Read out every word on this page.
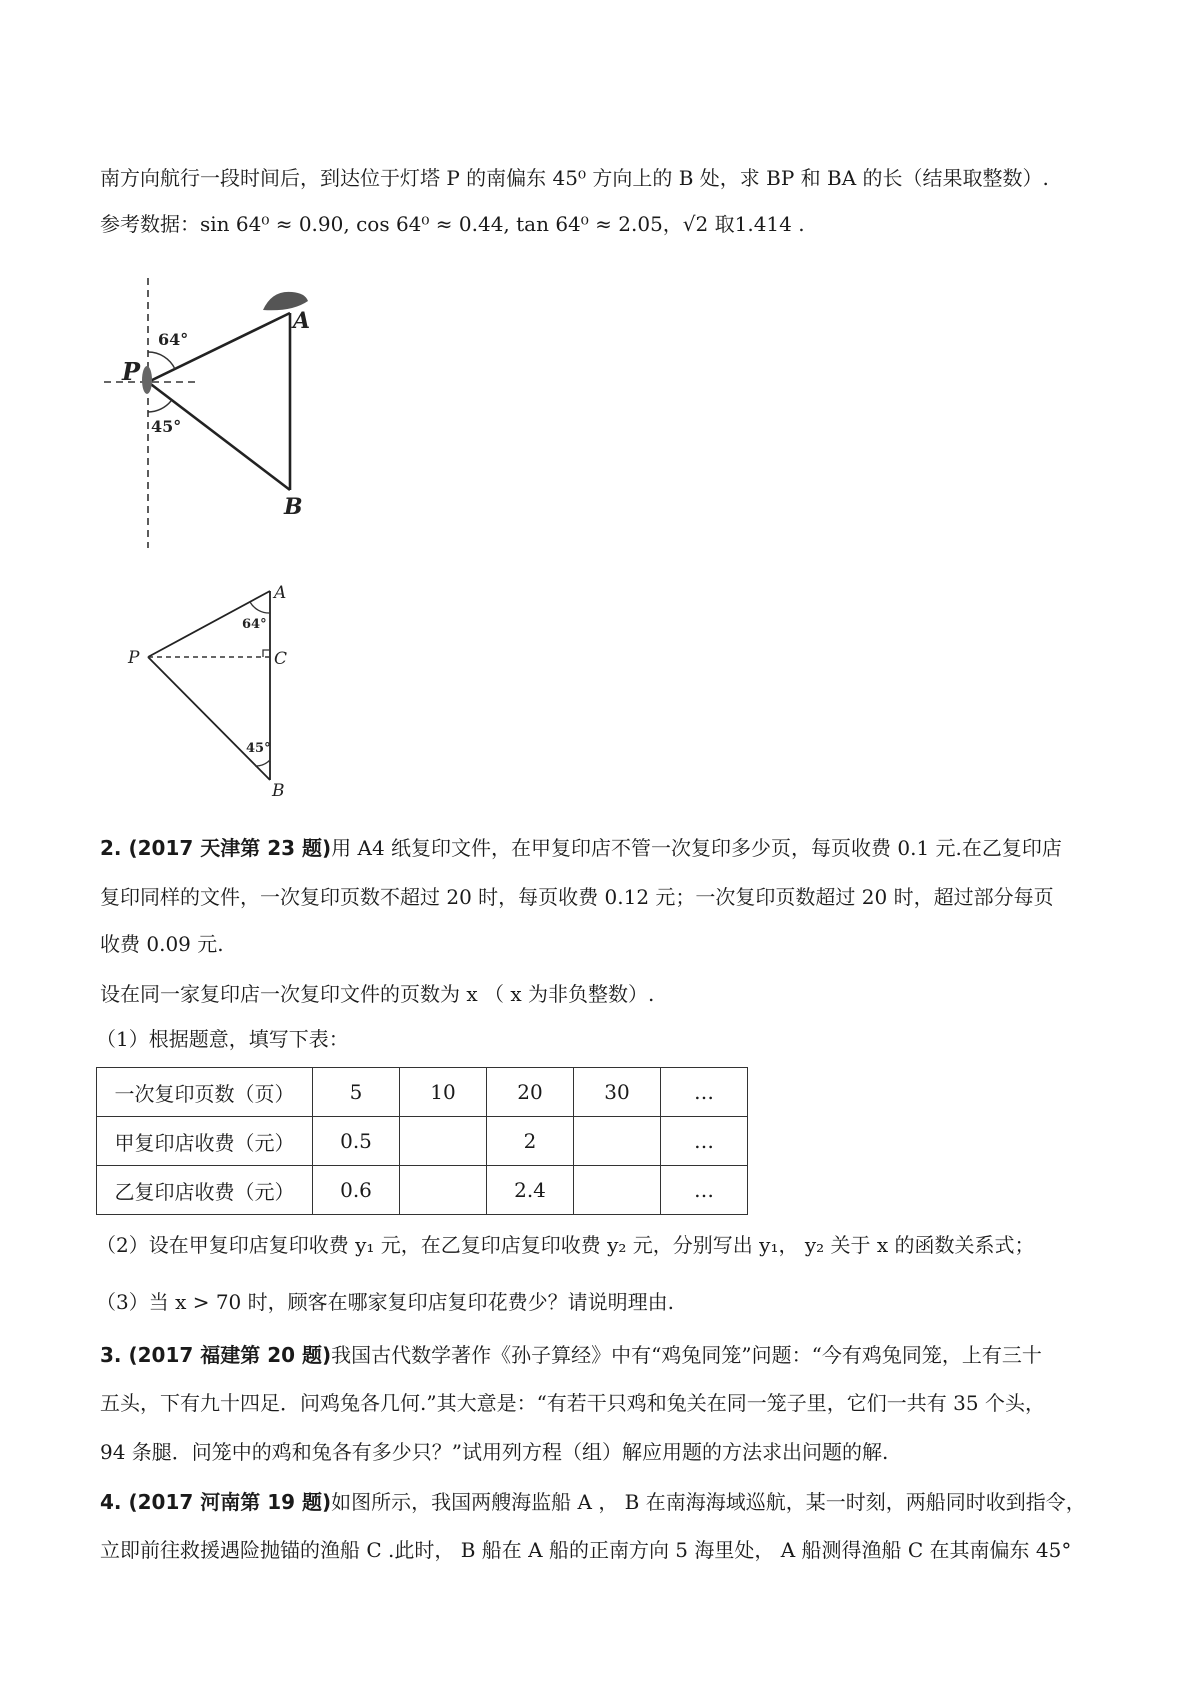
南方向航行一段时间后，到达位于灯塔 P 的南偏东 45⁰ 方向上的 B 处，求 BP 和 BA 的长（结果取整数）.
参考数据：sin 64⁰ ≈ 0.90, cos 64⁰ ≈ 0.44, tan 64⁰ ≈ 2.05，√2 取1.414 .
A
P
B
64°
45°
A
P	C
B
64°
45°
2. (2017 天津第 23 题)用 A4 纸复印文件，在甲复印店不管一次复印多少页，每页收费 0.1 元.在乙复印店
复印同样的文件，一次复印页数不超过 20 时，每页收费 0.12 元；一次复印页数超过 20 时，超过部分每页
收费 0.09 元.
设在同一家复印店一次复印文件的页数为 x （ x 为非负整数）.
（1）根据题意，填写下表：
一次复印页数（页）	5	10	20	30	…
甲复印店收费（元）	0.5		2		…
乙复印店收费（元）	0.6		2.4		…
（2）设在甲复印店复印收费 y₁ 元，在乙复印店复印收费 y₂ 元，分别写出 y₁， y₂ 关于 x 的函数关系式；
（3）当 x > 70 时，顾客在哪家复印店复印花费少？请说明理由.
3. (2017 福建第 20 题)我国古代数学著作《孙子算经》中有“鸡兔同笼”问题：“今有鸡兔同笼，上有三十
五头，下有九十四足．问鸡兔各几何.”其大意是：“有若干只鸡和兔关在同一笼子里，它们一共有 35 个头，
94 条腿．问笼中的鸡和兔各有多少只？”试用列方程（组）解应用题的方法求出问题的解.
4. (2017 河南第 19 题)如图所示，我国两艘海监船 A ， B 在南海海域巡航，某一时刻，两船同时收到指令，
立即前往救援遇险抛锚的渔船 C .此时， B 船在 A 船的正南方向 5 海里处， A 船测得渔船 C 在其南偏东 45°
